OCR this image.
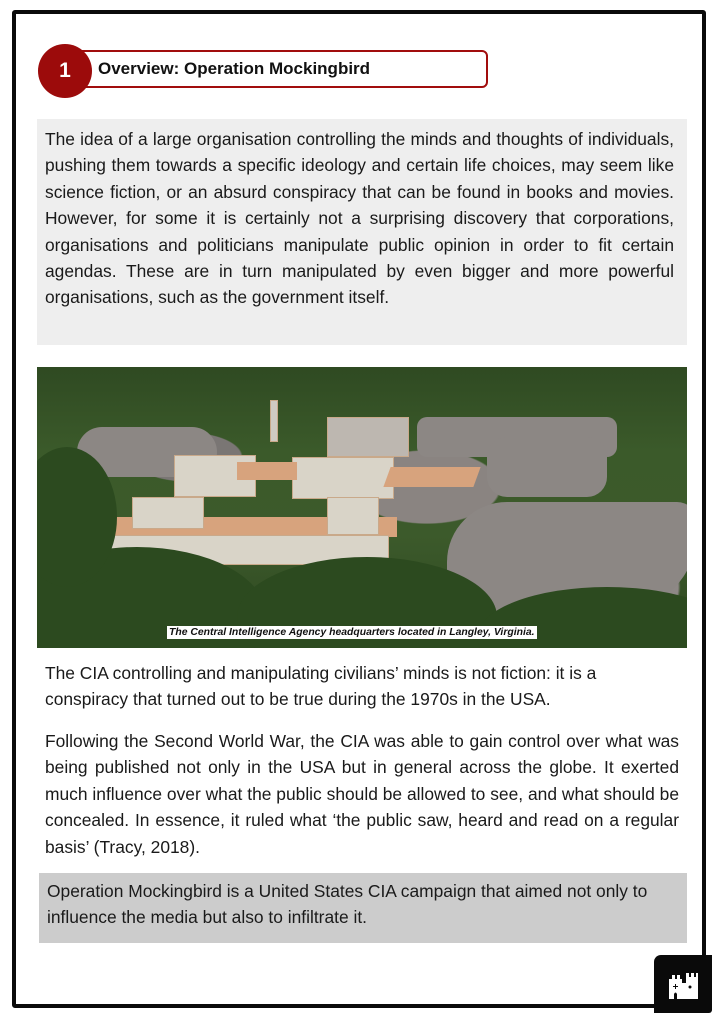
1	Overview: Operation Mockingbird

The idea of a large organisation controlling the minds and thoughts of individuals, pushing them towards a specific ideology and certain life choices, may seem like science fiction, or an absurd conspiracy that can be found in books and movies. However, for some it is certainly not a surprising discovery that corporations, organisations and politicians manipulate public opinion in order to fit certain agendas. These are in turn manipulated by even bigger and more powerful organisations, such as the government itself.

The Central Intelligence Agency headquarters located in Langley, Virginia.

The CIA controlling and manipulating civilians’ minds is not fiction: it is a conspiracy that turned out to be true during the 1970s in the USA.

Following the Second World War, the CIA was able to gain control over what was being published not only in the USA but in general across the globe. It exerted much influence over what the public should be allowed to see, and what should be concealed. In essence, it ruled what ‘the public saw, heard and read on a regular basis’ (Tracy, 2018).

Operation Mockingbird is a United States CIA campaign that aimed not only to influence the media but also to infiltrate it.
